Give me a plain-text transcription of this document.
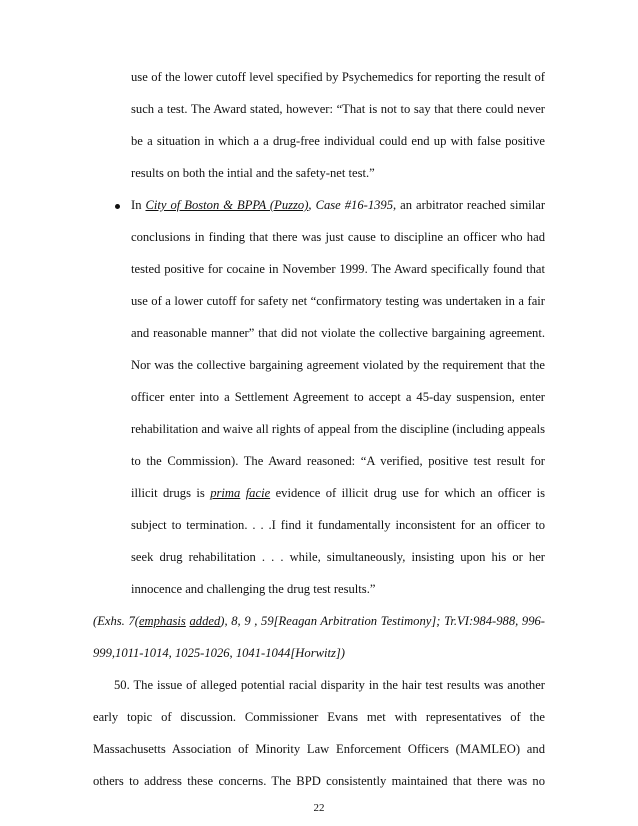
use of the lower cutoff level specified by Psychemedics for reporting the result of
such a test. The Award stated, however: “That is not to say that there could never
be a situation in which a a drug-free individual could end up with false positive
results on both the intial and the safety-net test.”
In City of Boston & BPPA (Puzzo), Case #16-1395, an arbitrator reached similar
conclusions in finding that there was just cause to discipline an officer who had
tested positive for cocaine in November 1999. The Award specifically found that
use of a lower cutoff for safety net “confirmatory testing was undertaken in a fair
and reasonable manner” that did not violate the collective bargaining agreement.
Nor was the collective bargaining agreement violated by the requirement that the
officer enter into a Settlement Agreement to accept a 45-day suspension, enter
rehabilitation and waive all rights of appeal from the discipline (including appeals
to the Commission). The Award reasoned: “A verified, positive test result for
illicit drugs is prima facie evidence of illicit drug use for which an officer is
subject to termination. . . .I find it fundamentally inconsistent for an officer to
seek drug rehabilitation . . . while, simultaneously, insisting upon his or her
innocence and challenging the drug test results.”
(Exhs. 7(emphasis added), 8, 9 , 59[Reagan Arbitration Testimony]; Tr.VI:984-988, 996-
999,1011-1014, 1025-1026, 1041-1044[Horwitz])
50. The issue of alleged potential racial disparity in the hair test results was another
early topic of discussion. Commissioner Evans met with representatives of the
Massachusetts Association of Minority Law Enforcement Officers (MAMLEO) and
others to address these concerns. The BPD consistently maintained that there was no
22
